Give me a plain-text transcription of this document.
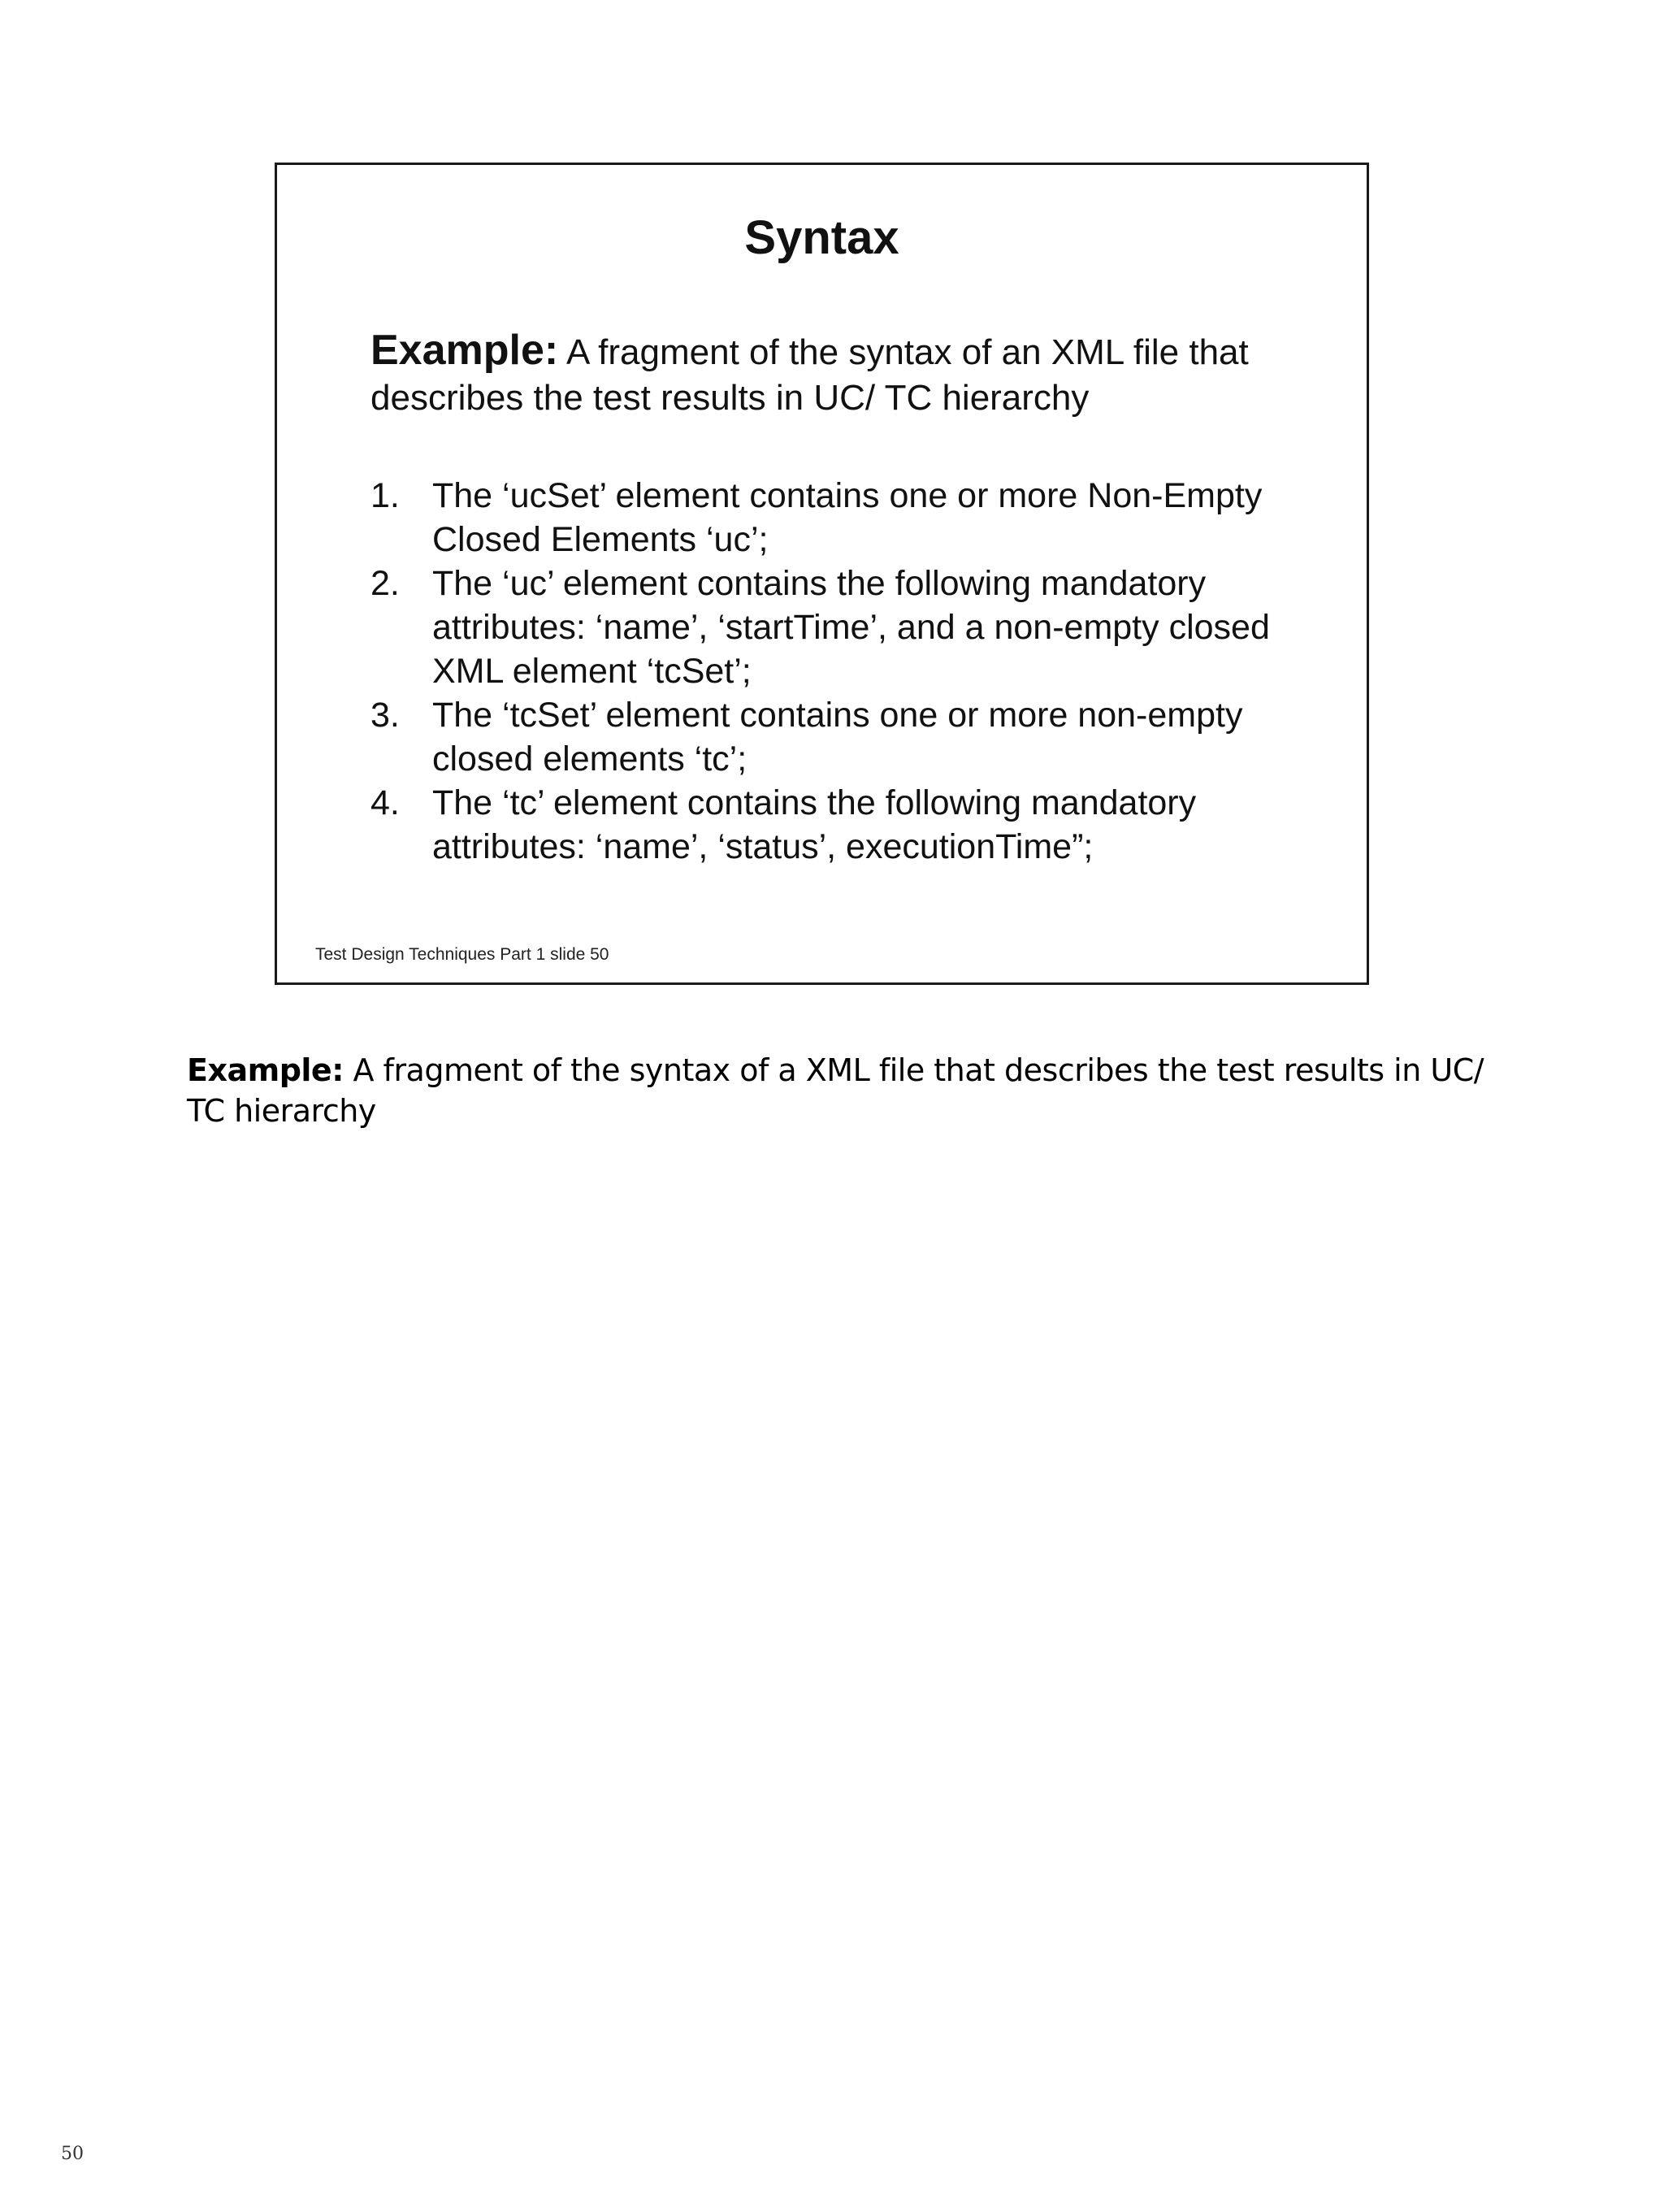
Syntax

Example: A fragment of the syntax of an XML file that describes the test results in UC/ TC hierarchy

1. The ‘ucSet’ element contains one or more Non-Empty Closed Elements ‘uc’;
2. The ‘uc’ element contains the following mandatory attributes: ‘name’, ‘startTime’, and a non-empty closed XML element ‘tcSet’;
3. The ‘tcSet’ element contains one or more non-empty closed elements ‘tc’;
4. The ‘tc’ element contains the following mandatory attributes: ‘name’, ‘status’, executionTime”;

Test Design Techniques Part 1 slide 50

Example: A fragment of the syntax of a XML file that describes the test results in UC/ TC hierarchy

50
